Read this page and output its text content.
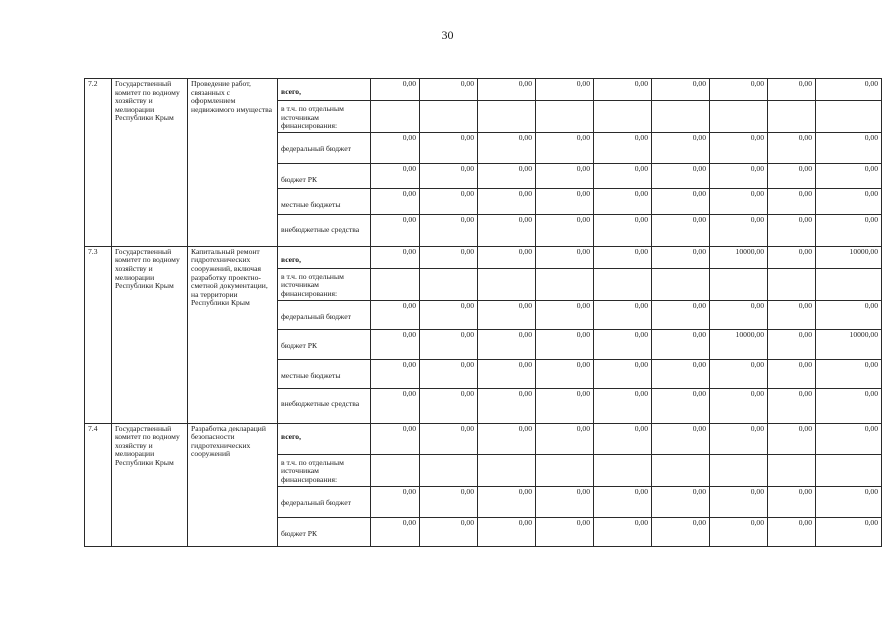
30
7.2	Государственный комитет по водному хозяйству и мелиорации Республики Крым	Проведение работ, связанных с оформлением недвижимого имущества	всего,	0,00	0,00	0,00	0,00	0,00	0,00	0,00	0,00	0,00

			в т.ч. по отдельным источникам финансирования:									

			федеральный бюджет	0,00	0,00	0,00	0,00	0,00	0,00	0,00	0,00	0,00

			бюджет РК	0,00	0,00	0,00	0,00	0,00	0,00	0,00	0,00	0,00

			местные бюджеты	0,00	0,00	0,00	0,00	0,00	0,00	0,00	0,00	0,00

			внебюджетные средства	0,00	0,00	0,00	0,00	0,00	0,00	0,00	0,00	0,00
7.3	Государственный комитет по водному хозяйству и мелиорации Республики Крым	Капитальный ремонт гидротехнических сооружений, включая разработку проектно-сметной документации, на территории Республики Крым	всего,	0,00	0,00	0,00	0,00	0,00	0,00	10000,00	0,00	10000,00

			в т.ч. по отдельным источникам финансирования:									

			федеральный бюджет	0,00	0,00	0,00	0,00	0,00	0,00	0,00	0,00	0,00

			бюджет РК	0,00	0,00	0,00	0,00	0,00	0,00	10000,00	0,00	10000,00

			местные бюджеты	0,00	0,00	0,00	0,00	0,00	0,00	0,00	0,00	0,00

			внебюджетные средства	0,00	0,00	0,00	0,00	0,00	0,00	0,00	0,00	0,00
7.4	Государственный комитет по водному хозяйству и мелиорации Республики Крым	Разработка деклараций безопасности гидротехнических сооружений	всего,	0,00	0,00	0,00	0,00	0,00	0,00	0,00	0,00	0,00

			в т.ч. по отдельным источникам финансирования:									

			федеральный бюджет	0,00	0,00	0,00	0,00	0,00	0,00	0,00	0,00	0,00

			бюджет РК	0,00	0,00	0,00	0,00	0,00	0,00	0,00	0,00	0,00
